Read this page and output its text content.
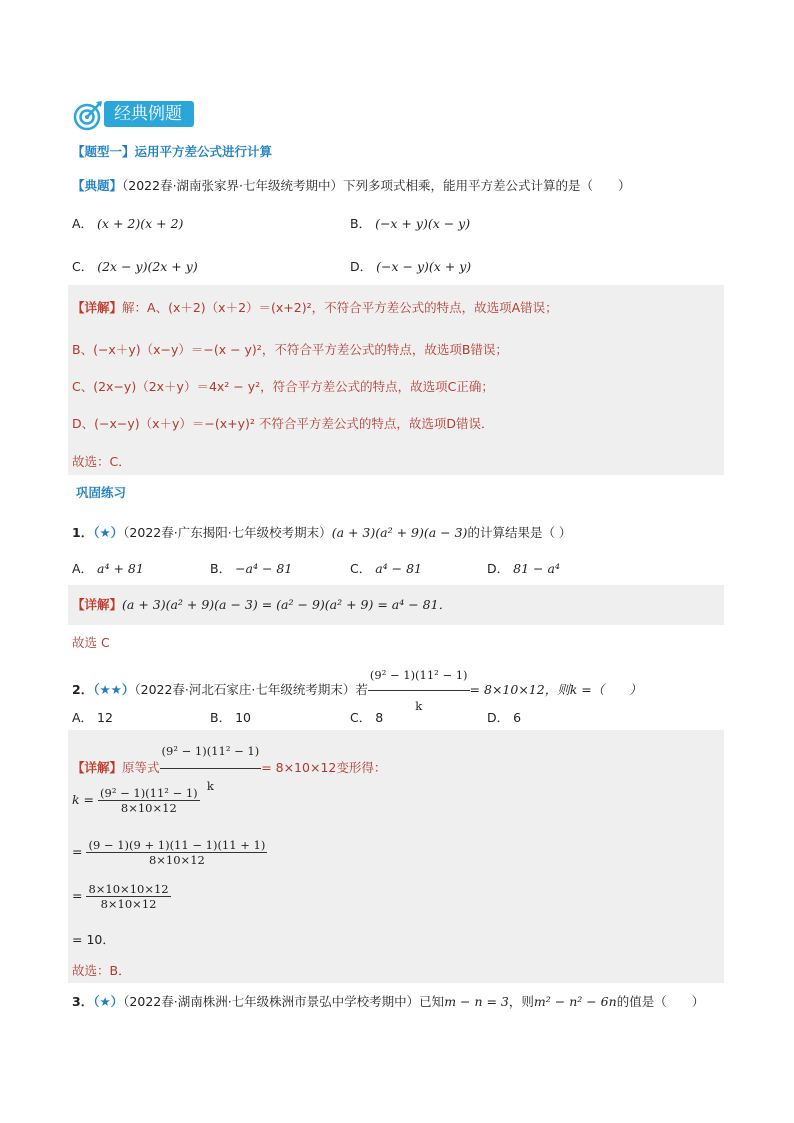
经典例题
【题型一】运用平方差公式进行计算
【典题】（2022春·湖南张家界·七年级统考期中）下列多项式相乘，能用平方差公式计算的是（　　）
A． (x + 2)(x + 2)	B． (−x + y)(x − y)
C． (2x − y)(2x + y)	D． (−x − y)(x + y)
【详解】解：A、(x＋2)（x＋2）＝(x+2)²，不符合平方差公式的特点，故选项A错误；
B、(−x＋y)（x−y）＝−(x − y)²，不符合平方差公式的特点，故选项B错误；
C、(2x−y)（2x＋y）＝4x² − y²，符合平方差公式的特点，故选项C正确；
D、(−x−y)（x＋y）＝−(x+y)² 不符合平方差公式的特点，故选项D错误．
故选：C．
巩固练习
1．（★）（2022春·广东揭阳·七年级校考期末）(a + 3)(a² + 9)(a − 3)的计算结果是（ ）
A． a⁴ + 81	B． −a⁴ − 81	C． a⁴ − 81	D． 81 − a⁴
【详解】(a + 3)(a² + 9)(a − 3) = (a² − 9)(a² + 9) = a⁴ − 81．
故选 C
2．（★★）（2022春·河北石家庄·七年级统考期末）若 $\frac{\text{(9² − 1)(11² − 1)}}{k} = 8\times 10\times 12$，则k =（　　）
A． 12	B． 10	C． 8	D． 6
【详解】原等式 $\frac{\text{(9² − 1)(11² − 1)}}{k} = 8\times 10\times 12$变形得：
$k = \frac{\text{(9² − 1)(11² − 1)}}{8\times 10\times 12}$
= $\frac{(9 - 1)(9 + 1)(11 - 1)(11 + 1)}{8\times 10\times 12}$
= $\frac{8\times 10\times 10\times 12}{8\times 10\times 12}$
= 10．
故选：B．
3．（★）（2022春·湖南株洲·七年级株洲市景弘中学校考期中）已知m − n = 3，则m² − n² − 6n的值是（　　）
